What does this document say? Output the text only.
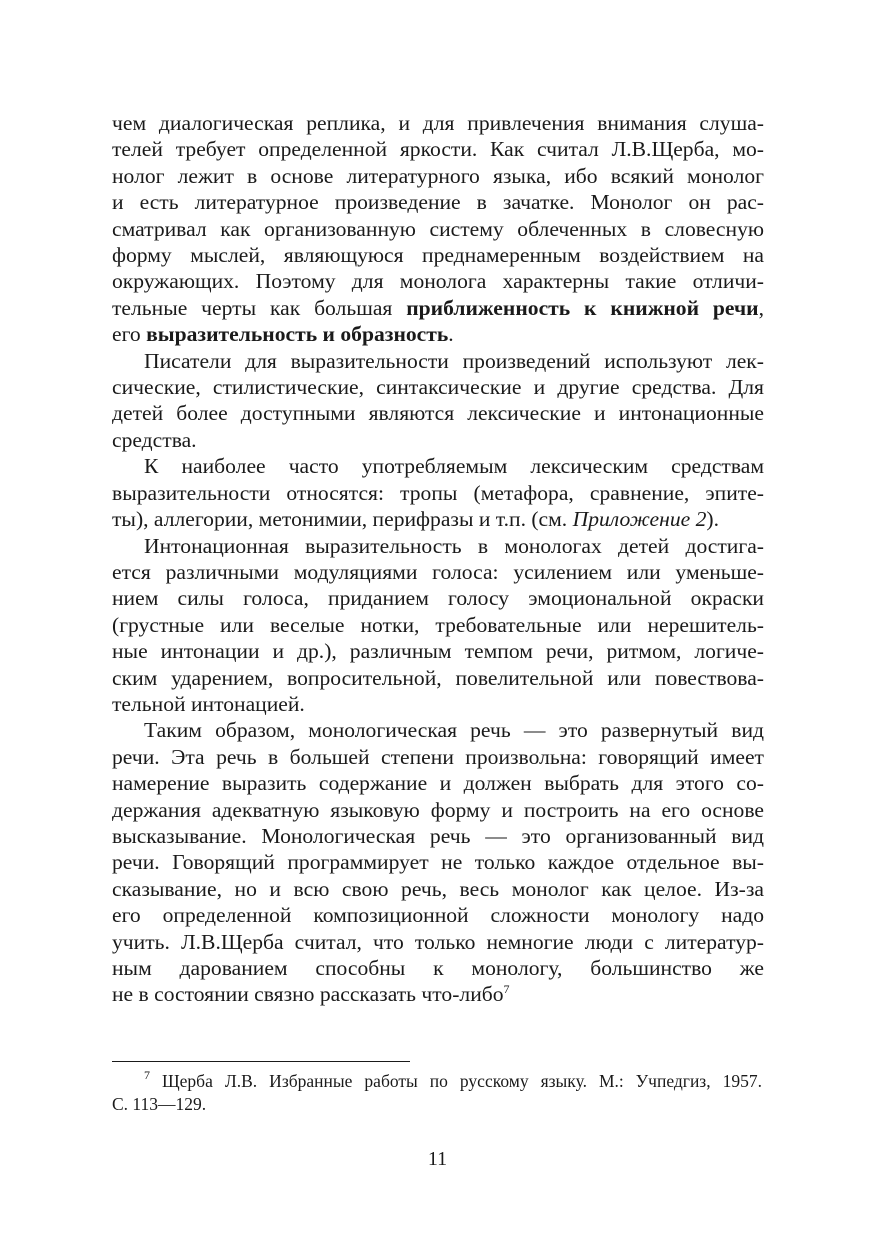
чем диалогическая реплика, и для привлечения внимания слуша-
телей требует определенной яркости. Как считал Л.В.Щерба, мо-
нолог лежит в основе литературного языка, ибо всякий монолог
и есть литературное произведение в зачатке. Монолог он рас-
сматривал как организованную систему облеченных в словесную
форму мыслей, являющуюся преднамеренным воздействием на
окружающих. Поэтому для монолога характерны такие отличи-
тельные черты как большая приближенность к книжной речи,
его выразительность и образность.

Писатели для выразительности произведений используют лек-
сические, стилистические, синтаксические и другие средства. Для
детей более доступными являются лексические и интонационные
средства.

К наиболее часто употребляемым лексическим средствам
выразительности относятся: тропы (метафора, сравнение, эпите-
ты), аллегории, метонимии, перифразы и т.п. (см. Приложение 2).

Интонационная выразительность в монологах детей достига-
ется различными модуляциями голоса: усилением или уменьше-
нием силы голоса, приданием голосу эмоциональной окраски
(грустные или веселые нотки, требовательные или нерешитель-
ные интонации и др.), различным темпом речи, ритмом, логиче-
ским ударением, вопросительной, повелительной или повествова-
тельной интонацией.

Таким образом, монологическая речь — это развернутый вид
речи. Эта речь в большей степени произвольна: говорящий имеет
намерение выразить содержание и должен выбрать для этого со-
держания адекватную языковую форму и построить на его основе
высказывание. Монологическая речь — это организованный вид
речи. Говорящий программирует не только каждое отдельное вы-
сказывание, но и всю свою речь, весь монолог как целое. Из-за
его определенной композиционной сложности монологу надо
учить. Л.В.Щерба считал, что только немногие люди с литератур-
ным дарованием способны к монологу, большинство же
не в состоянии связно рассказать что-либо$^7$

$^7$ Щерба Л.В. Избранные работы по русскому языку. М.: Учпедгиз, 1957.
С. 113—129.
11
